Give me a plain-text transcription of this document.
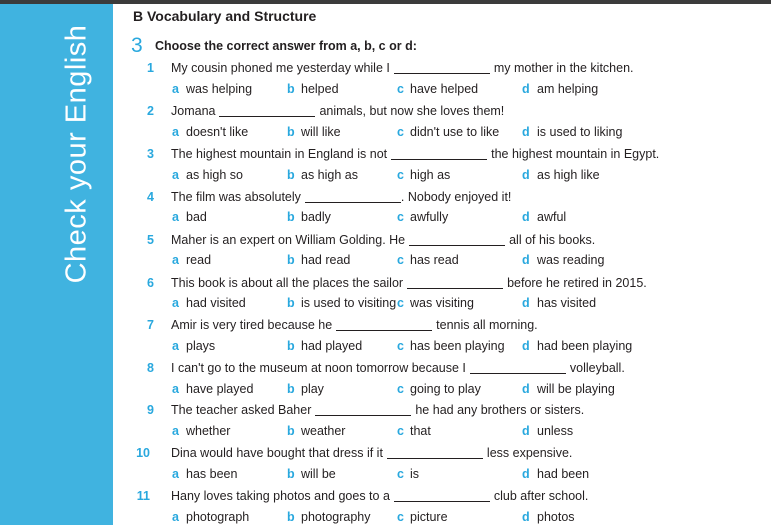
Check your English
B Vocabulary and Structure
3 Choose the correct answer from a, b, c or d:
1 My cousin phoned me yesterday while I	my mother in the kitchen.
a was helping	b helped	c have helped	d am helping
2 Jomana	animals, but now she loves them!
a doesn't like	b will like	c didn't use to like d is used to liking
3 The highest mountain in England is not	the highest mountain in Egypt.
a as high so	b as high as	c high as	d as high like
4 The film was absolutely	. Nobody enjoyed it!
a bad	b badly	c awfully	d awful
5 Maher is an expert on William Golding. He	all of his books.
a read	b had read	c has read	d was reading
6 This book is about all the places the sailor	before he retired in 2015.
a had visited	b is used to visiting c was visiting	d has visited
7 Amir is very tired because he	tennis all morning.
a plays	b had played	c has been playing d had been playing
8 I can't go to the museum at noon tomorrow because I	volleyball.
a have played	b play	c going to play	d will be playing
9 The teacher asked Baher	he had any brothers or sisters.
a whether	b weather	c that	d unless
10 Dina would have bought that dress if it	less expensive.
a has been	b will be	c is	d had been
11 Hany loves taking photos and goes to a	club after school.
a photograph	b photography c picture	d photos
